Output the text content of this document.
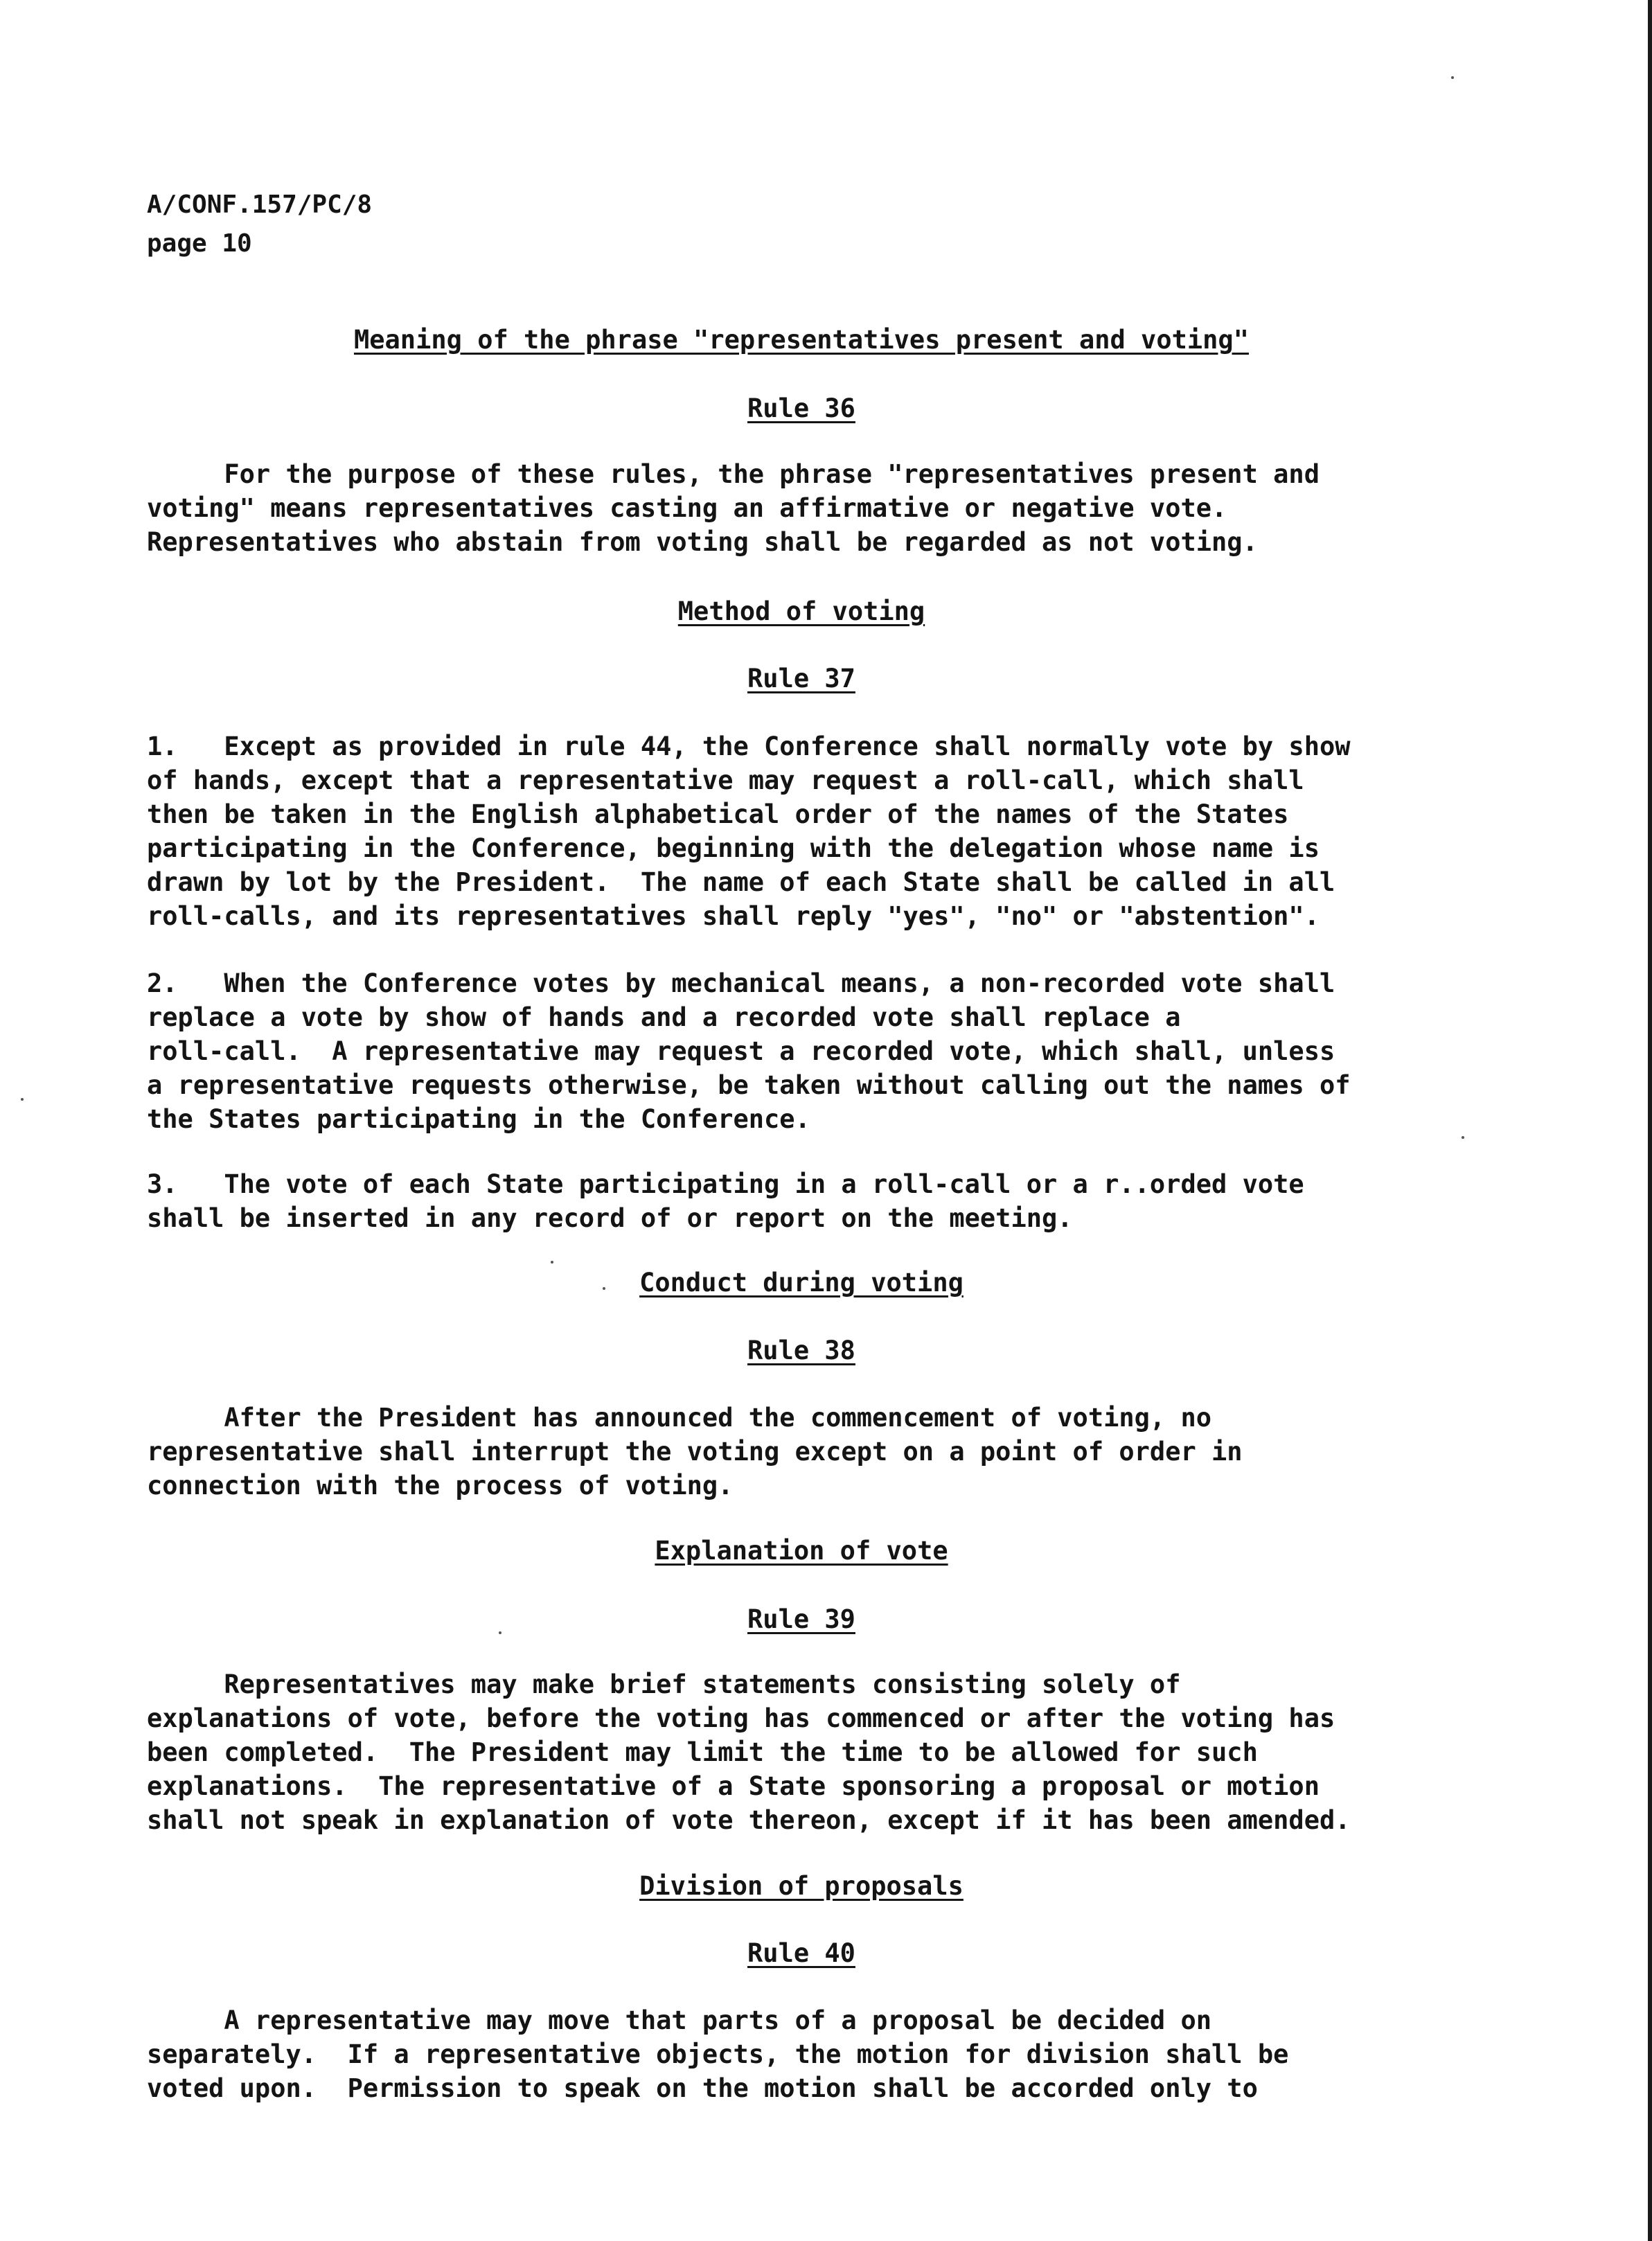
A/CONF.157/PC/8
page 10
Meaning of the phrase "representatives present and voting"
Rule 36
For the purpose of these rules, the phrase "representatives present and
voting" means representatives casting an affirmative or negative vote.
Representatives who abstain from voting shall be regarded as not voting.
Method of voting
Rule 37
1.   Except as provided in rule 44, the Conference shall normally vote by show
of hands, except that a representative may request a roll-call, which shall
then be taken in the English alphabetical order of the names of the States
participating in the Conference, beginning with the delegation whose name is
drawn by lot by the President.  The name of each State shall be called in all
roll-calls, and its representatives shall reply "yes", "no" or "abstention".
2.   When the Conference votes by mechanical means, a non-recorded vote shall
replace a vote by show of hands and a recorded vote shall replace a
roll-call.  A representative may request a recorded vote, which shall, unless
a representative requests otherwise, be taken without calling out the names of
the States participating in the Conference.
3.   The vote of each State participating in a roll-call or a r..orded vote
shall be inserted in any record of or report on the meeting.
Conduct during voting
Rule 38
After the President has announced the commencement of voting, no
representative shall interrupt the voting except on a point of order in
connection with the process of voting.
Explanation of vote
Rule 39
Representatives may make brief statements consisting solely of
explanations of vote, before the voting has commenced or after the voting has
been completed.  The President may limit the time to be allowed for such
explanations.  The representative of a State sponsoring a proposal or motion
shall not speak in explanation of vote thereon, except if it has been amended.
Division of proposals
Rule 40
A representative may move that parts of a proposal be decided on
separately.  If a representative objects, the motion for division shall be
voted upon.  Permission to speak on the motion shall be accorded only to
